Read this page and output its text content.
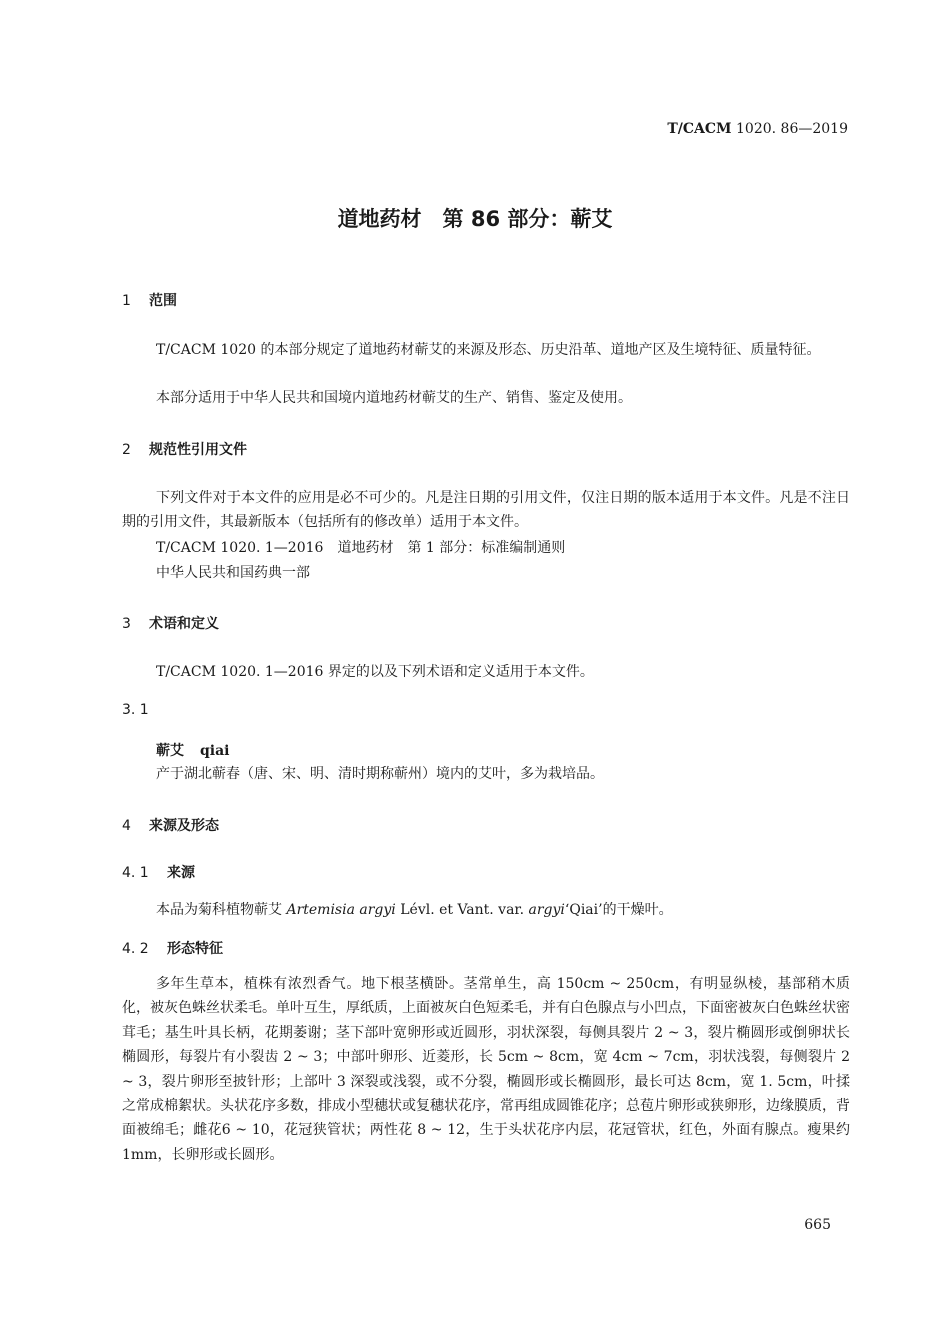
T/CACM 1020. 86—2019
道地药材　第 86 部分：蕲艾
1 范围

T/CACM 1020 的本部分规定了道地药材蕲艾的来源及形态、历史沿革、道地产区及生境特征、质量特征。

本部分适用于中华人民共和国境内道地药材蕲艾的生产、销售、鉴定及使用。

2 规范性引用文件

下列文件对于本文件的应用是必不可少的。凡是注日期的引用文件，仅注日期的版本适用于本文件。凡是不注日期的引用文件，其最新版本（包括所有的修改单）适用于本文件。

T/CACM 1020. 1—2016　道地药材　第 1 部分：标准编制通则

中华人民共和国药典一部

3 术语和定义

T/CACM 1020. 1—2016 界定的以及下列术语和定义适用于本文件。

3. 1
蕲艾 qiai

产于湖北蕲春（唐、宋、明、清时期称蕲州）境内的艾叶，多为栽培品。

4 来源及形态
4. 1 来源

本品为菊科植物蕲艾 Artemisia argyi Lévl. et Vant. var. argyi‘Qiai’的干燥叶。

4. 2 形态特征

多年生草本，植株有浓烈香气。地下根茎横卧。茎常单生，高 150cm ~ 250cm，有明显纵棱，基部稍木质化，被灰色蛛丝状柔毛。单叶互生，厚纸质，上面被灰白色短柔毛，并有白色腺点与小凹点，下面密被灰白色蛛丝状密茸毛；基生叶具长柄，花期萎谢；茎下部叶宽卵形或近圆形，羽状深裂，每侧具裂片 2 ~ 3，裂片椭圆形或倒卵状长椭圆形，每裂片有小裂齿 2 ~ 3；中部叶卵形、近菱形，长 5cm ~ 8cm，宽 4cm ~ 7cm，羽状浅裂，每侧裂片 2 ~ 3，裂片卵形至披针形；上部叶 3 深裂或浅裂，或不分裂，椭圆形或长椭圆形，最长可达 8cm，宽 1. 5cm，叶揉之常成棉絮状。头状花序多数，排成小型穗状或复穗状花序，常再组成圆锥花序；总苞片卵形或狭卵形，边缘膜质，背面被绵毛；雌花6 ~ 10，花冠狭管状；两性花 8 ~ 12，生于头状花序内层，花冠管状，红色，外面有腺点。瘦果约 1mm，长卵形或长圆形。

665
